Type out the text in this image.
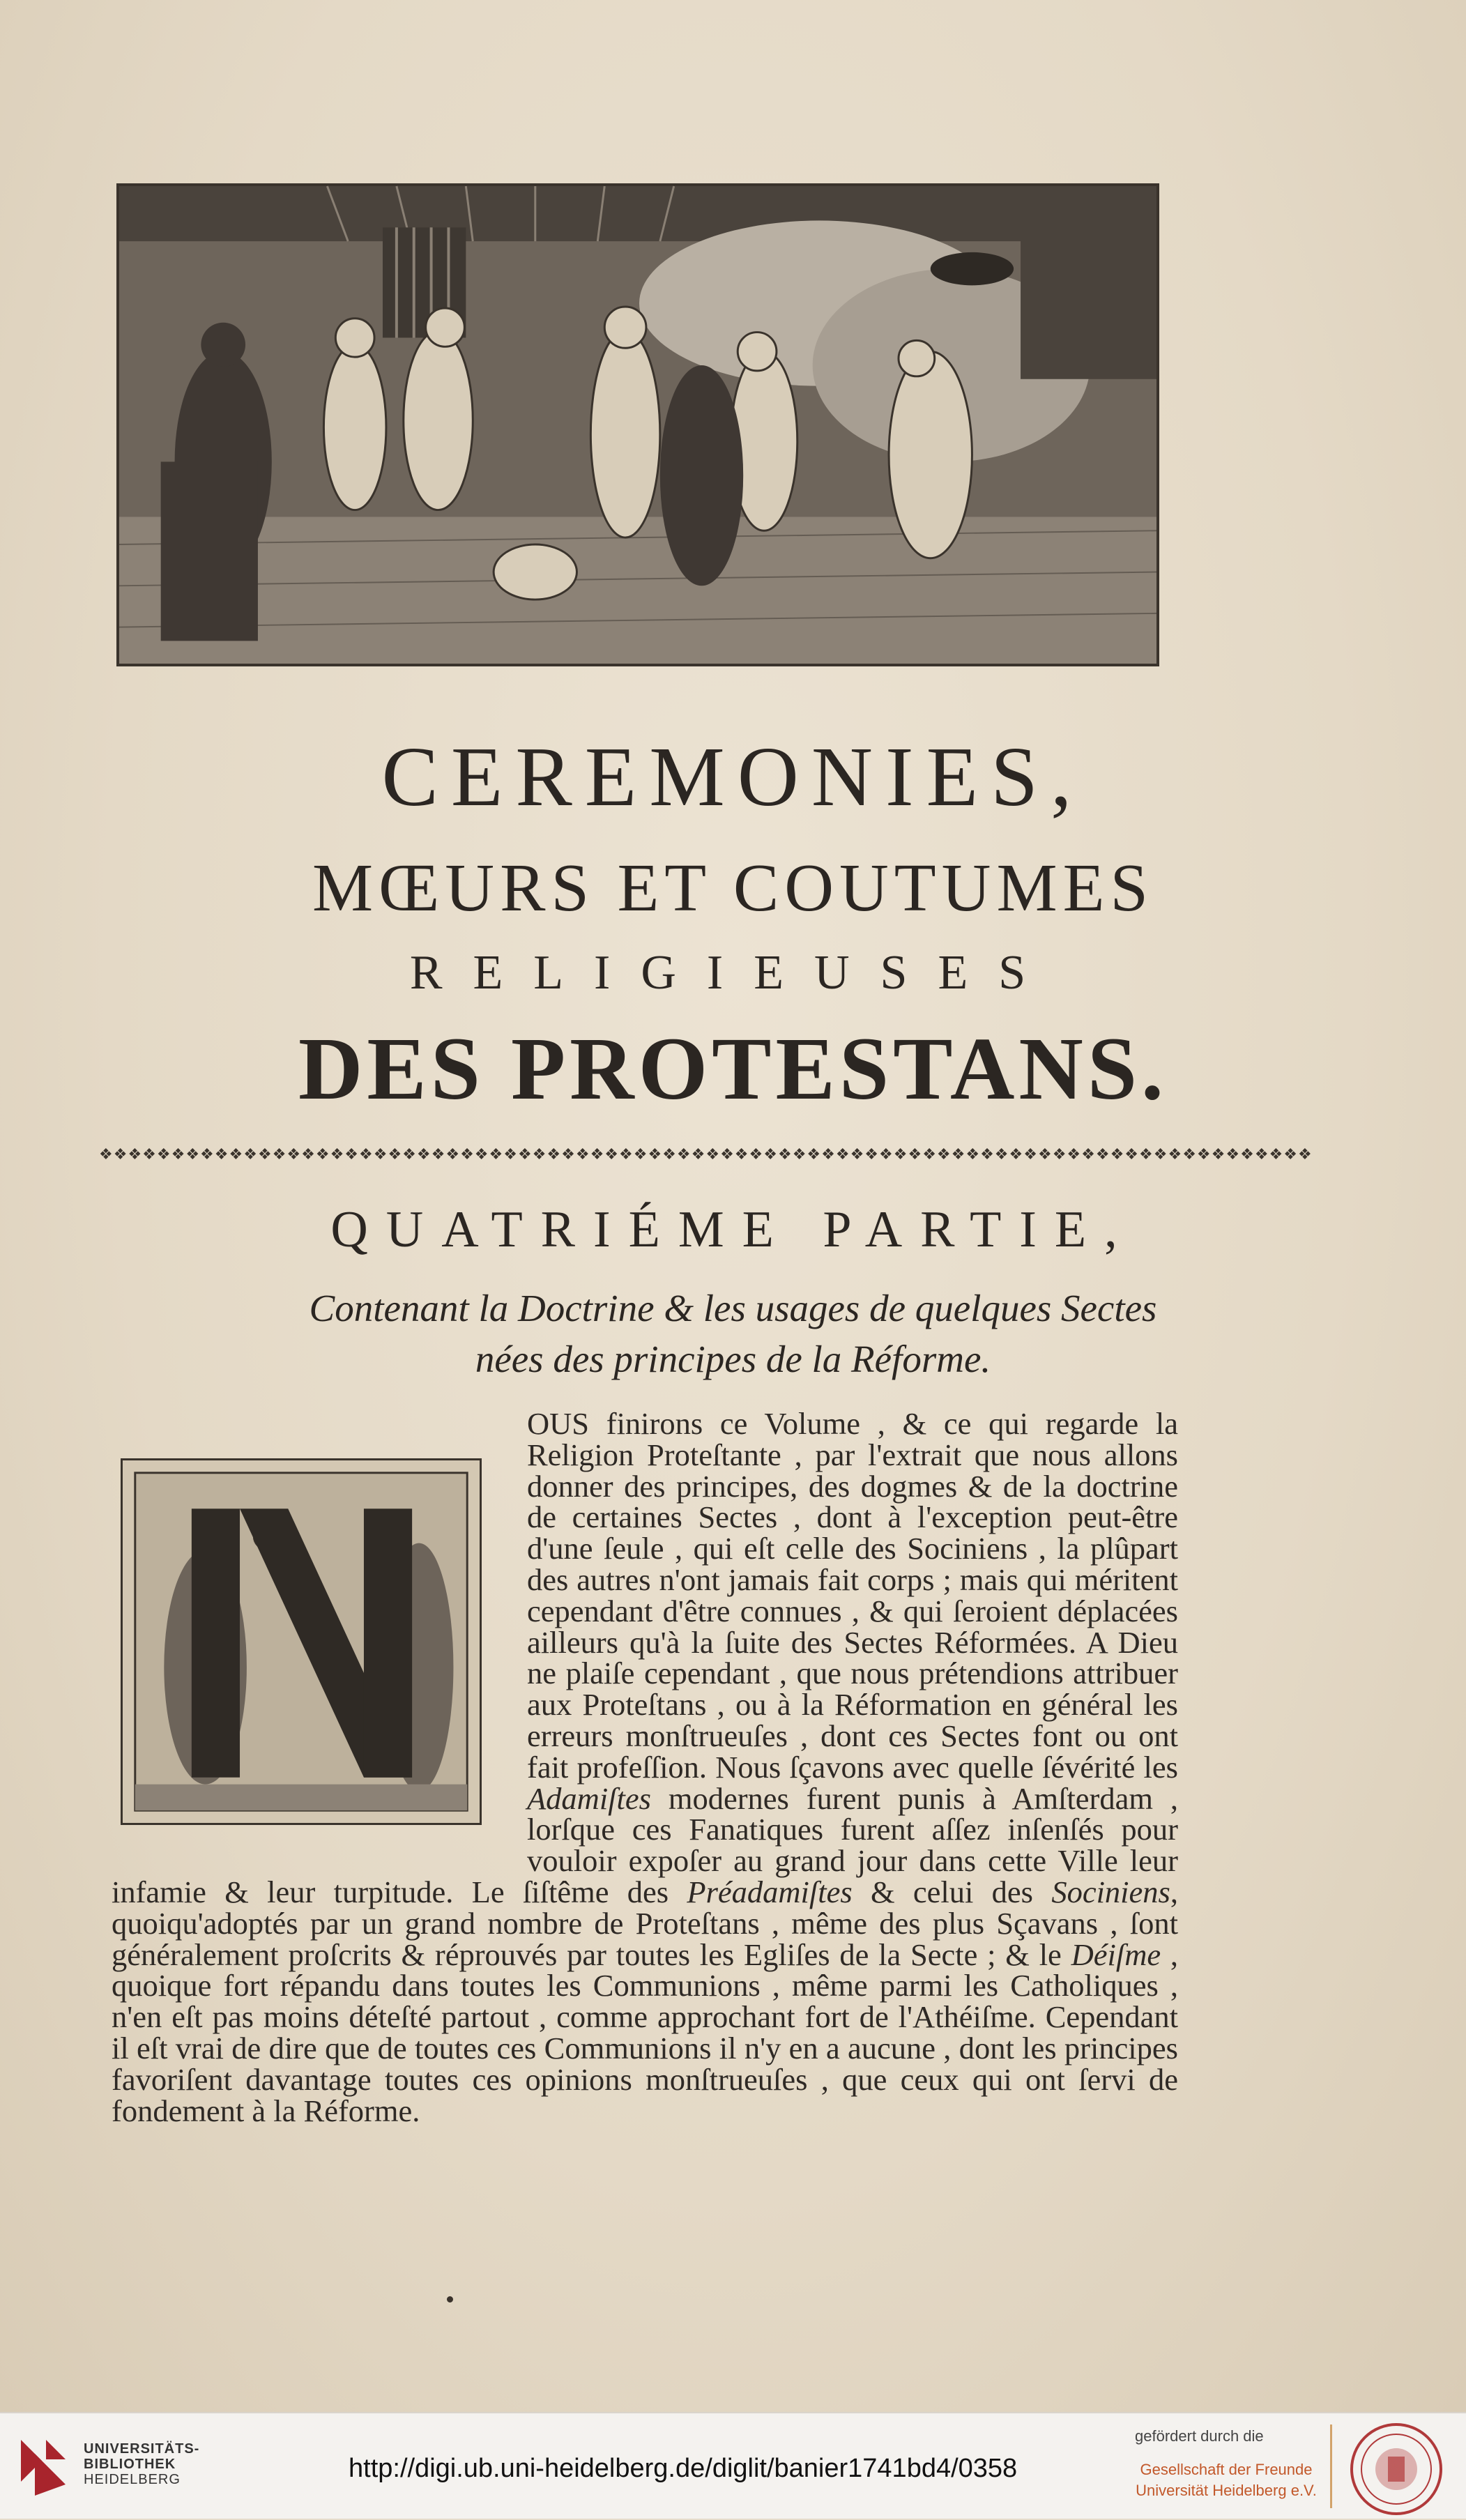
CEREMONIES,
MŒURS ET COUTUMES
RELIGIEUSES
DES PROTESTANS.
❖❖❖❖❖❖❖❖❖❖❖❖❖❖❖❖❖❖❖❖❖❖❖❖❖❖❖❖❖❖❖❖❖❖❖❖❖❖❖❖❖❖❖❖❖❖❖❖❖❖❖❖❖❖❖❖❖❖❖❖❖❖❖❖❖❖❖❖❖❖❖❖❖❖❖❖❖❖❖❖❖❖❖❖
QUATRIÉME PARTIE,

Contenant la Doctrine & les usages de quelques Sectes

nées des principes de la Réforme.

OUS finirons ce Volume , & ce qui regarde la Religion Proteſtante , par l'extrait que nous allons donner des principes, des dogmes & de la doctrine de certaines Sectes , dont à l'exception peut-être d'une ſeule , qui eſt celle des Sociniens , la plûpart des autres n'ont jamais fait corps ; mais qui méritent cependant d'être connues , & qui ſeroient déplacées ailleurs qu'à la ſuite des Sectes Réformées. A Dieu ne plaiſe cependant , que nous prétendions attribuer aux Proteſtans , ou à la Réformation en général les erreurs monſtrueuſes , dont ces Sectes font ou ont fait profeſſion. Nous ſçavons avec quelle ſévérité les Adamiſtes modernes furent punis à Amſterdam , lorſque ces Fanatiques furent aſſez inſenſés pour vouloir expoſer au grand jour dans cette Ville leur infamie & leur turpitude. Le ſiſtême des Préadamiſtes & celui des Sociniens, quoiqu'adoptés par un grand nombre de Proteſtans , même des plus Sçavans , ſont généralement proſcrits & réprouvés par toutes les Egliſes de la Secte ; & le Déiſme , quoique fort répandu dans toutes les Communions , même parmi les Catholiques , n'en eſt pas moins déteſté partout , comme approchant fort de l'Athéiſme. Cependant il eſt vrai de dire que de toutes ces Communions il n'y en a aucune , dont les principes favoriſent davantage toutes ces opinions monſtrueuſes , que ceux qui ont ſervi de fondement à la Réforme.
UNIVERSITÄTS-
BIBLIOTHEK
HEIDELBERG	http://digi.ub.uni-heidelberg.de/diglit/banier1741bd4/0358
gefördert durch die
Gesellschaft der Freunde
Universität Heidelberg e.V.
